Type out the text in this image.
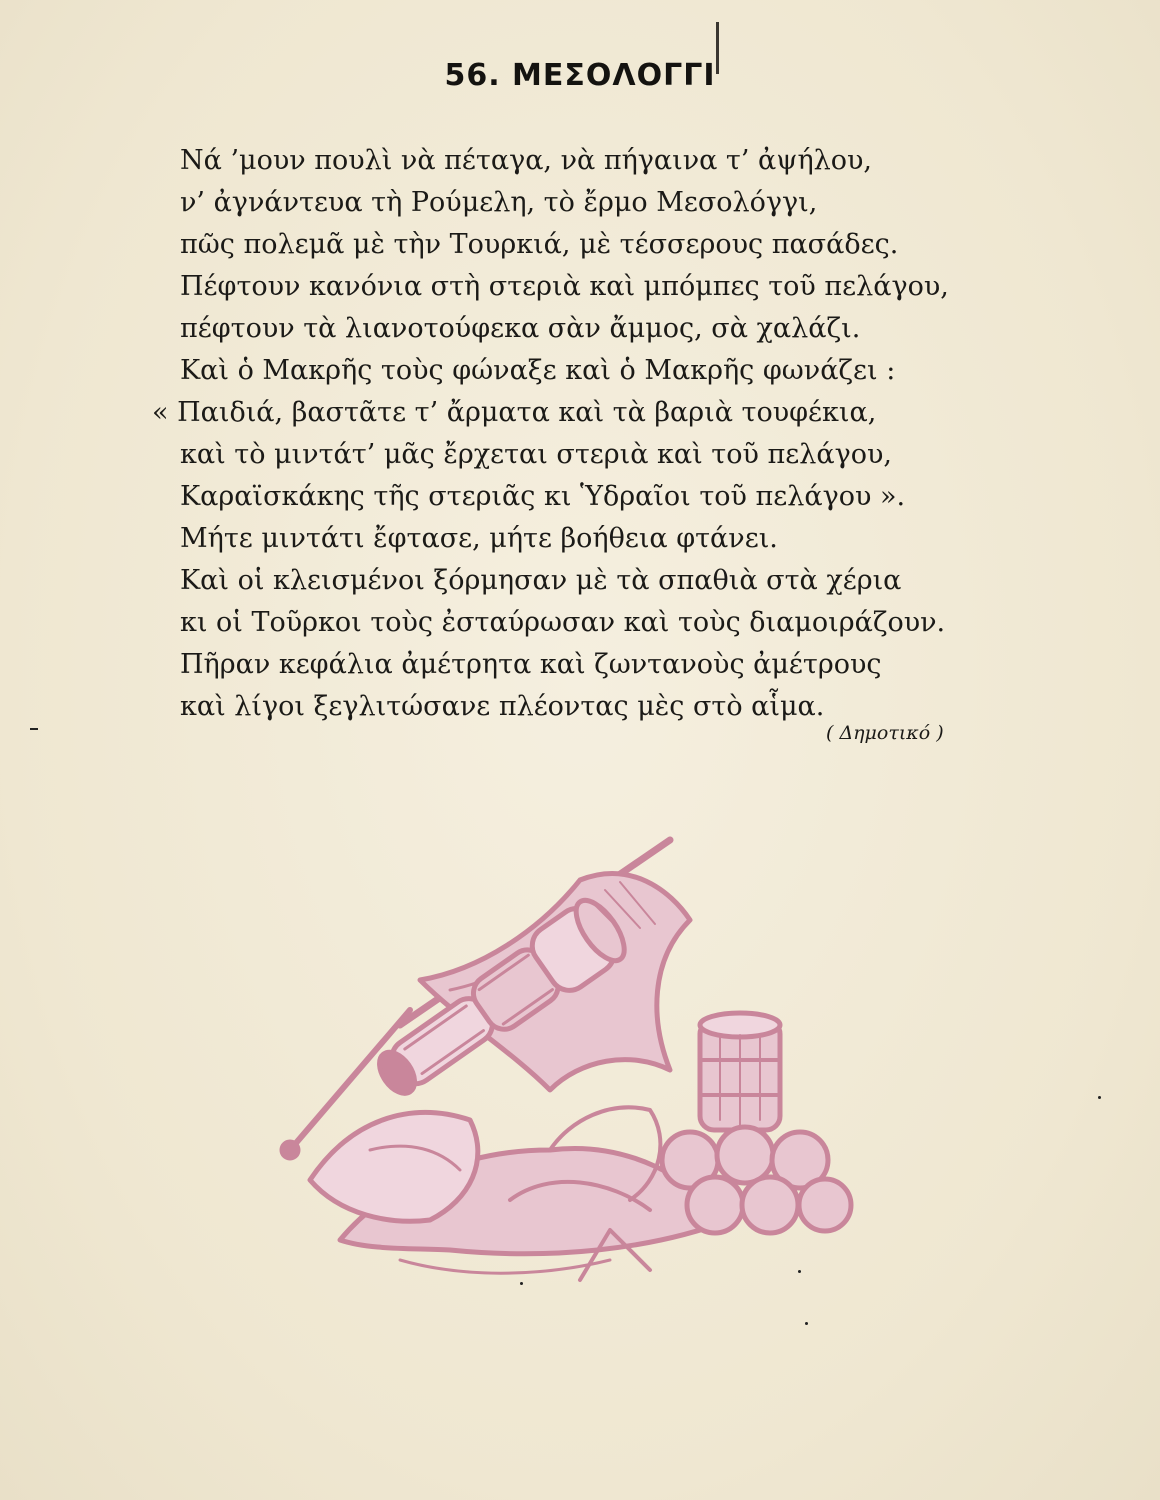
56. ΜΕΣΟΛΟΓΓΙ
Νά ’μουν πουλὶ νὰ πέταγα, νὰ πήγαινα τ’ ἀψήλου,
ν’ ἀγνάντευα τὴ Ρούμελη, τὸ ἔρμο Μεσολόγγι,
πῶς πολεμᾶ μὲ τὴν Τουρκιά, μὲ τέσσερους πασάδες.
Πέφτουν κανόνια στὴ στεριὰ καὶ μπόμπες τοῦ πελάγου,
πέφτουν τὰ λιανοτούφεκα σὰν ἄμμος, σὰ χαλάζι.
Καὶ ὁ Μακρῆς τοὺς φώναξε καὶ ὁ Μακρῆς φωνάζει :
« Παιδιά, βαστᾶτε τ’ ἄρματα καὶ τὰ βαριὰ τουφέκια,
καὶ τὸ μιντάτ’ μᾶς ἔρχεται στεριὰ καὶ τοῦ πελάγου,
Καραϊσκάκης τῆς στεριᾶς κι Ὑδραῖοι τοῦ πελάγου ».
Μήτε μιντάτι ἔφτασε, μήτε βοήθεια φτάνει.
Καὶ οἱ κλεισμένοι ξόρμησαν μὲ τὰ σπαθιὰ στὰ χέρια
κι οἱ Τοῦρκοι τοὺς ἐσταύρωσαν καὶ τοὺς διαμοιράζουν.
Πῆραν κεφάλια ἀμέτρητα καὶ ζωντανοὺς ἀμέτρους
καὶ λίγοι ξεγλιτώσανε πλέοντας μὲς στὸ αἷμα.
( Δημοτικό )
